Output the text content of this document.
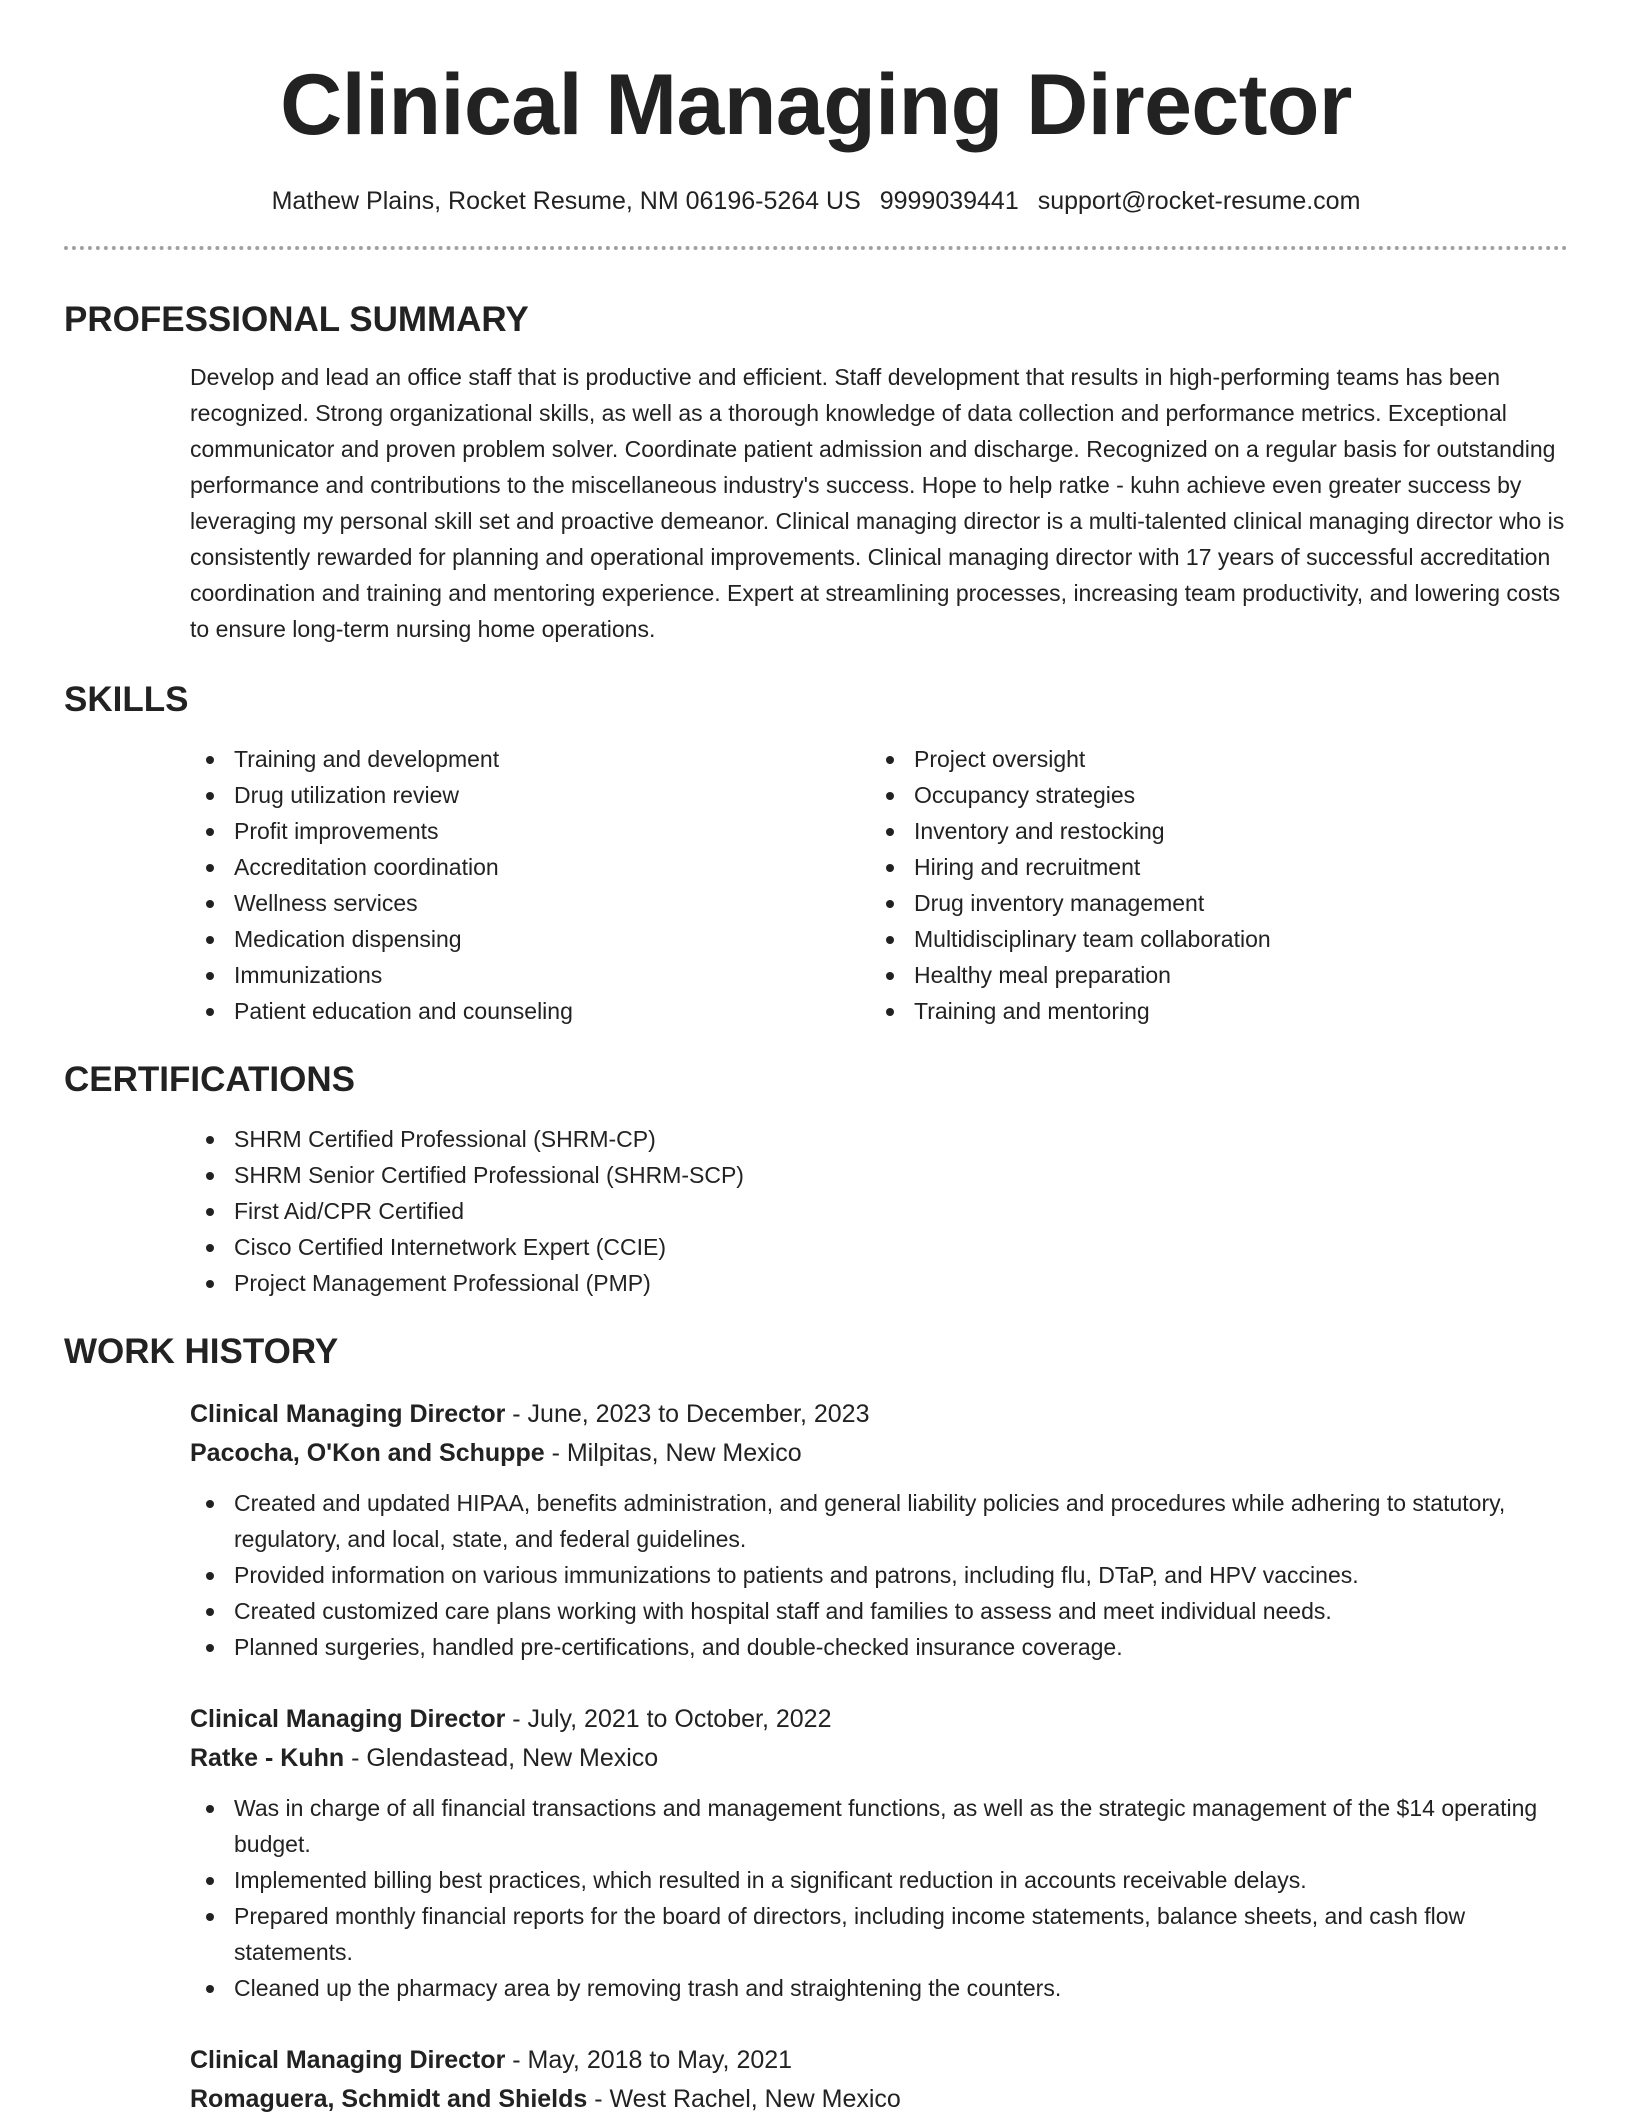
Clinical Managing Director
Mathew Plains, Rocket Resume, NM 06196-5264 US 9999039441 support@rocket-resume.com
PROFESSIONAL SUMMARY

Develop and lead an office staff that is productive and efficient. Staff development that results in high-performing teams has been recognized. Strong organizational skills, as well as a thorough knowledge of data collection and performance metrics. Exceptional communicator and proven problem solver. Coordinate patient admission and discharge. Recognized on a regular basis for outstanding performance and contributions to the miscellaneous industry's success. Hope to help ratke - kuhn achieve even greater success by leveraging my personal skill set and proactive demeanor. Clinical managing director is a multi-talented clinical managing director who is consistently rewarded for planning and operational improvements. Clinical managing director with 17 years of successful accreditation coordination and training and mentoring experience. Expert at streamlining processes, increasing team productivity, and lowering costs to ensure long-term nursing home operations.

SKILLS
Training and development
Drug utilization review
Profit improvements
Accreditation coordination
Wellness services
Medication dispensing
Immunizations
Patient education and counseling
Project oversight
Occupancy strategies
Inventory and restocking
Hiring and recruitment
Drug inventory management
Multidisciplinary team collaboration
Healthy meal preparation
Training and mentoring
CERTIFICATIONS
SHRM Certified Professional (SHRM-CP)
SHRM Senior Certified Professional (SHRM-SCP)
First Aid/CPR Certified
Cisco Certified Internetwork Expert (CCIE)
Project Management Professional (PMP)
WORK HISTORY
Clinical Managing Director - June, 2023 to December, 2023
Pacocha, O'Kon and Schuppe - Milpitas, New Mexico
Created and updated HIPAA, benefits administration, and general liability policies and procedures while adhering to statutory, regulatory, and local, state, and federal guidelines.
Provided information on various immunizations to patients and patrons, including flu, DTaP, and HPV vaccines.
Created customized care plans working with hospital staff and families to assess and meet individual needs.
Planned surgeries, handled pre-certifications, and double-checked insurance coverage.
Clinical Managing Director - July, 2021 to October, 2022
Ratke - Kuhn - Glendastead, New Mexico
Was in charge of all financial transactions and management functions, as well as the strategic management of the $14 operating budget.
Implemented billing best practices, which resulted in a significant reduction in accounts receivable delays.
Prepared monthly financial reports for the board of directors, including income statements, balance sheets, and cash flow statements.
Cleaned up the pharmacy area by removing trash and straightening the counters.
Clinical Managing Director - May, 2018 to May, 2021
Romaguera, Schmidt and Shields - West Rachel, New Mexico
